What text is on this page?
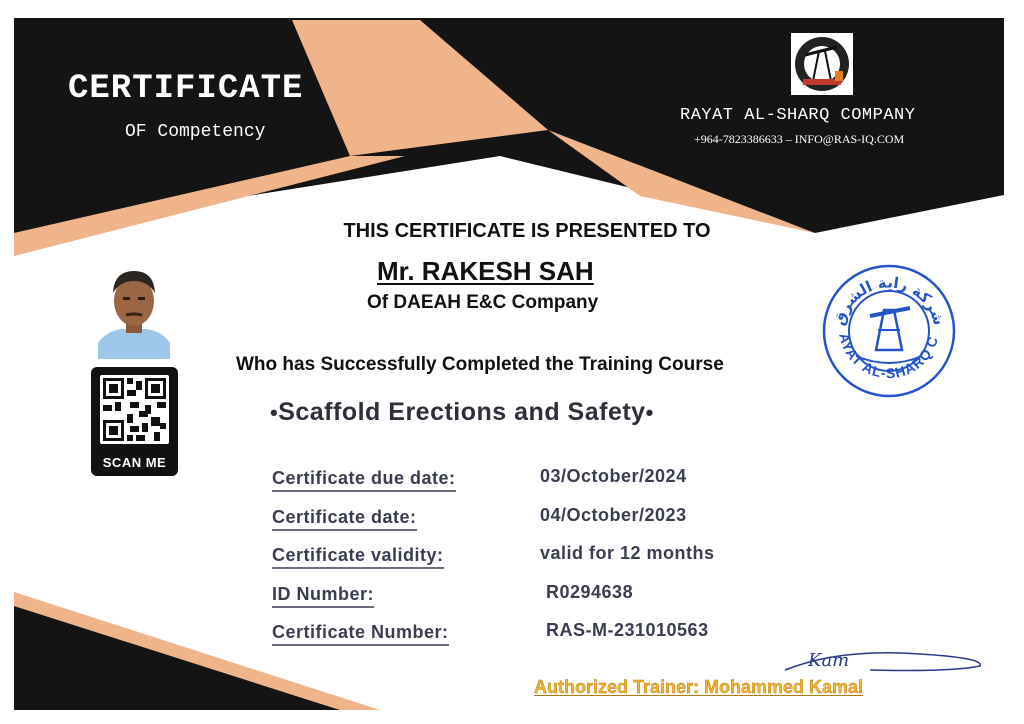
CERTIFICATE
OF Competency
RAYAT AL-SHARQ COMPANY
+964-7823386633 – INFO@RAS-IQ.COM
THIS CERTIFICATE IS PRESENTED TO
Mr. RAKESH SAH
Of DAEAH E&C Company
Who has Successfully Completed the Training Course
•Scaffold Erections and Safety•
SCAN ME
Certificate due date:	03/October/2024
Certificate date:	04/October/2023
Certificate validity:	valid for 12 months
ID Number:	R0294638
Certificate Number:	RAS-M-231010563
AYAT AL-SHARQ C
شركة راية الشرق
Kam
Authorized Trainer: Mohammed Kamal
